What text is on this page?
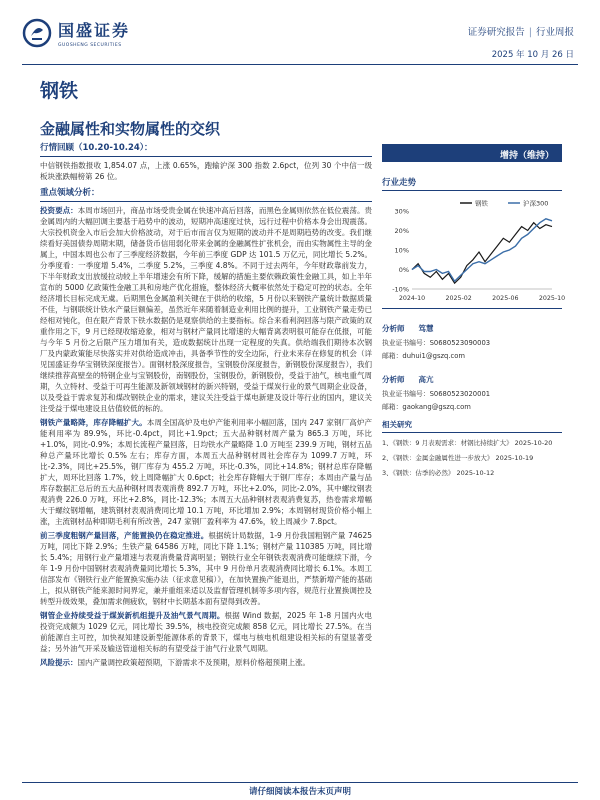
国盛证券
GUOSHENG SECURITIES
证券研究报告 | 行业周报
2025 年 10 月 26 日
钢铁
金融属性和实物属性的交织
行情回顾（10.20-10.24）：
中信钢铁指数报收 1,854.07 点，上涨 0.65%，跑输沪深 300 指数 2.6pct，位列 30 个中信一级板块涨跌幅榜第 26 位。
重点领域分析：
投资要点：本周市场回升，商品市场受贵金属在快速冲高后回落，而黑色金属则依然在低位震荡。贵金属周内的大幅回调主要基于趋势中的波动，短期冲高速度过快，远行过程中价格本身会出现震荡。大宗投机资金入市后会加大价格波动，对于后市而言仅为短期的波动并不是周期趋势的改变。我们继续看好美国债券周期末期，储备货币信用弱化带来金属的金融属性扩张机会，而由实物属性主导的金属上，中国本周也公布了三季度经济数据，今年前三季度 GDP 达 101.5 万亿元，同比增长 5.2%。分季度看：一季度增 5.4%，二季度 5.2%，三季度 4.8%。不同于过去两年，今年财政靠前发力，下半年财政支出放缓拉动较上半年增速会有所下降，缓解的措施主要依赖政策性金融工具，如上半年宣布的 5000 亿政策性金融工具和房地产优化措施，整体经济大概率依然处于稳定可控的状态。全年经济增长目标完成无虞。后期黑色金属盈利关键在于供给的收缩，5 月份以来钢铁产量统计数据质量不佳，与钢联统计铁水产量巨额偏差，虽然近年来随着制造业利用比例的提升，工业钢铁产量走势已经相对钝化，但在限产背景下铁水数据仍是观察供给的主要指标。综合来看利润回落与限产政策的双重作用之下，9 月已经现收缩迹象，相对与钢材产量同比增速的大幅背离表明很可能存在低报，可能与今年 5 月份之后限产压力增加有关，造成数据统计出现一定程度的失真。供给端我们期待本次钢厂及内蒙政策能尽快落实并对供给造成冲击，具备季节性的安全边际，行业未来存在修复的机会（详见国盛证券华宝钢铁深度报告）。面钢材股深度报告，宝钢股份深度报告，新钢股份深度报告），我们继续推荐高壁垒的特钢企业与宝钢股份，南钢股份，宝钢股份，新钢股份，受益于油气，核电重气周期，久立特材、受益于可再生能源及新领域钢材的新兴特钢，受益于煤炭行业的景气周期企业设备，以及受益于需求复苏和煤改钢铁企业的需求，建议关注受益于煤电新建及设计等行业的国内，建议关注受益于煤电建设且估值较低的标的。
钢铁产量略降，库存降幅扩大。本周全国高炉及电炉产能利用率小幅回落，国内 247 家钢厂高炉产能利用率为 89.9%，环比-0.4pct，同比+1.9pct；五大品种钢材周产量为 865.3 万吨，环比+1.0%，同比-0.9%；本周长流程产量回落，日均铁水产量略降 1.0 万吨至 239.9 万吨，钢材五品种总产量环比增长 0.5% 左右；库存方面，本周五大品种钢材周社会库存为 1099.7 万吨，环比-2.3%，同比+25.5%，钢厂库存为 455.2 万吨，环比-0.3%，同比+14.8%；钢材总库存降幅扩大，周环比回落 1.7%，较上周降幅扩大 0.6pct；社会库存降幅大于钢厂库存；本周由产量与品库存数据汇总后的五大品种钢材周表观消费 892.7 万吨，环比+2.0%，同比-2.0%，其中螺纹钢表观消费 226.0 万吨，环比+2.8%，同比-12.3%；本周五大品种钢材表观消费复苏，热卷需求增幅大于螺纹钢增幅，建筑钢材表观消费同比增 10.1 万吨，环比增加 2.9%；本周钢材现货价格小幅上涨，主流钢材品种即期毛利有所改善，247 家钢厂盈利率为 47.6%，较上周减少 7.8pct。
前三季度粗钢产量回落，产能置换仍在稳定推进。根据统计局数据，1-9 月份我国粗钢产量 74625 万吨，同比下降 2.9%；生铁产量 64586 万吨，同比下降 1.1%；钢材产量 110385 万吨，同比增长 5.4%；用钢行业产量增速与表观消费量背离明显；钢铁行业全年钢铁表观消费可能继续下滑，今年 1-9 月份中国钢材表观消费量同比增长 5.3%，其中 9 月份单月表观消费同比增长 6.1%。本周工信部发布《钢铁行业产能置换实施办法（征求意见稿）》，在加快置换产能退出，严禁新增产能的基础上，拟从钢铁产能来源时间界定，兼并重组来适以及监督管理机制等多项内容，规范行业置换调控及转型升级效果，叠加需求侧疲软，钢材中长期基本面有望得到改善。
钢管企业持续受益于煤炭新机组提升及油气景气周期。根据 Wind 数据，2025 年 1-8 月国内火电投资完成额为 1029 亿元，同比增长 39.5%，核电投资完成额 858 亿元，同比增长 27.5%。在当前能源自主可控，加快视知建设新型能源体系的背景下，煤电与核电机组建设相关标的有望显著受益；另外油气开采及输送管道相关标的有望受益于油气行业景气周期。
风险提示：国内产量调控政策超预期，下游需求不及预期，原料价格超预期上涨。
增持（维持）
行业走势
-10%
0%
10%
20%
30%
2024-10	2025-02	2025-06	2025-10
钢铁	沪深300
分析师 笃慧
执业证书编号：S0680523090003
邮箱：duhui1@gszq.com
分析师 高亢
执业证书编号：S0680523020001
邮箱：gaokang@gszq.com
相关研究
1、《钢铁：9 月表观需求：材钢比持续扩大》 2025-10-20
2、《钢铁：金属金融属性进一步放大》 2025-10-19
3、《钢铁：估季的必然》 2025-10-12
请仔细阅读本报告末页声明
